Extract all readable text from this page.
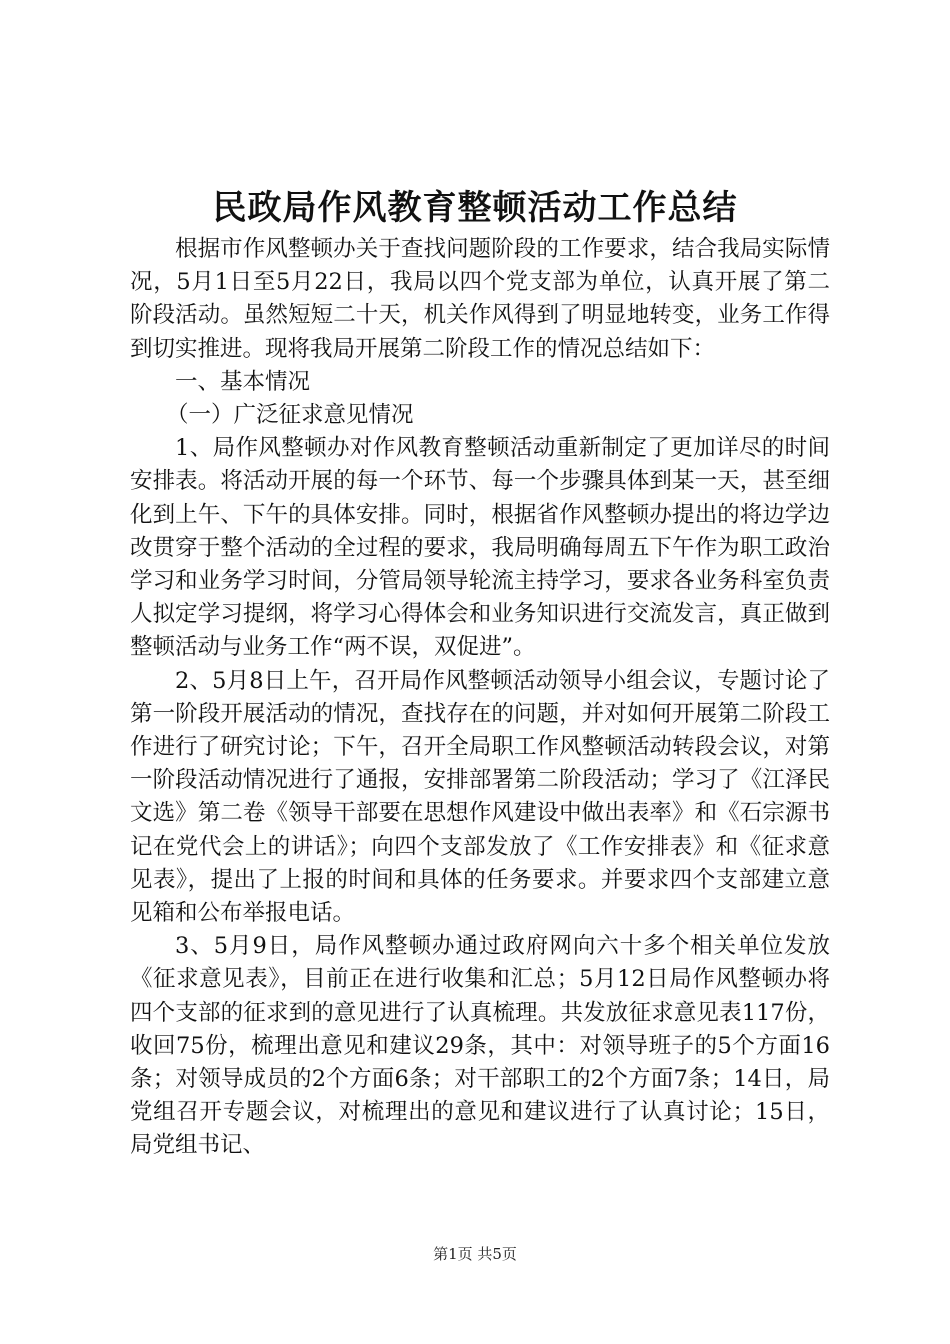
民政局作风教育整顿活动工作总结

根据市作风整顿办关于查找问题阶段的工作要求，结合我局实际情况，5月1日至5月22日，我局以四个党支部为单位，认真开展了第二阶段活动。虽然短短二十天，机关作风得到了明显地转变，业务工作得到切实推进。现将我局开展第二阶段工作的情况总结如下：

一、基本情况

（一）广泛征求意见情况

1、局作风整顿办对作风教育整顿活动重新制定了更加详尽的时间安排表。将活动开展的每一个环节、每一个步骤具体到某一天，甚至细化到上午、下午的具体安排。同时，根据省作风整顿办提出的将边学边改贯穿于整个活动的全过程的要求，我局明确每周五下午作为职工政治学习和业务学习时间，分管局领导轮流主持学习，要求各业务科室负责人拟定学习提纲，将学习心得体会和业务知识进行交流发言，真正做到整顿活动与业务工作“两不误，双促进”。

2、5月8日上午，召开局作风整顿活动领导小组会议，专题讨论了第一阶段开展活动的情况，查找存在的问题，并对如何开展第二阶段工作进行了研究讨论；下午，召开全局职工作风整顿活动转段会议，对第一阶段活动情况进行了通报，安排部署第二阶段活动；学习了《江泽民文选》第二卷《领导干部要在思想作风建设中做出表率》和《石宗源书记在党代会上的讲话》；向四个支部发放了《工作安排表》和《征求意见表》，提出了上报的时间和具体的任务要求。并要求四个支部建立意见箱和公布举报电话。

3、5月9日，局作风整顿办通过政府网向六十多个相关单位发放《征求意见表》，目前正在进行收集和汇总；5月12日局作风整顿办将四个支部的征求到的意见进行了认真梳理。共发放征求意见表117份，收回75份，梳理出意见和建议29条，其中：对领导班子的5个方面16条；对领导成员的2个方面6条；对干部职工的2个方面7条；14日，局党组召开专题会议，对梳理出的意见和建议进行了认真讨论；15日，局党组书记、

第1页 共5页
